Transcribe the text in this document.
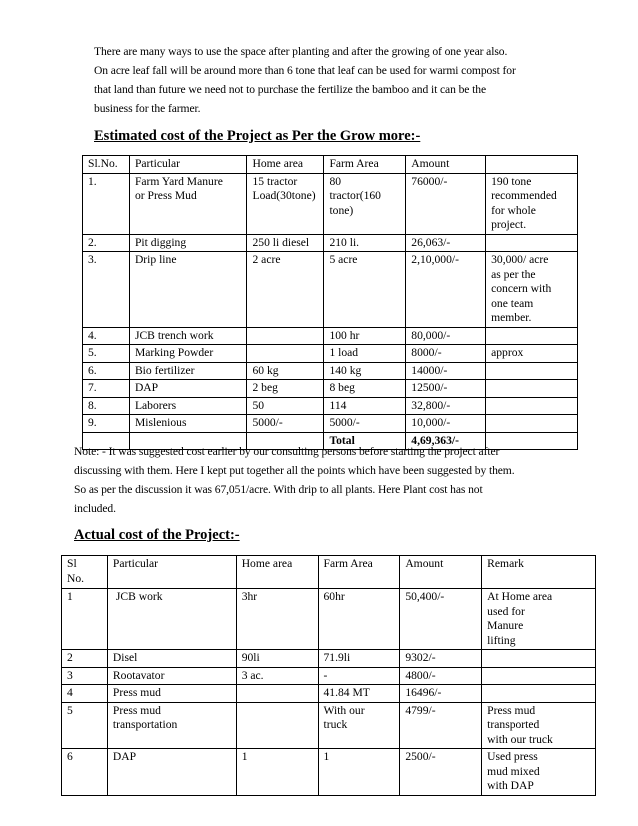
There are many ways to use the space after planting and after the growing of one year also.
On acre leaf fall will be around more than 6 tone that leaf can be used for warmi compost for
that land than future we need not to purchase the fertilize the bamboo and it can be the
business for the farmer.
Estimated cost of the Project as Per the Grow more:-
Sl.No.	Particular	Home area	Farm Area	Amount	
1.	Farm Yard Manure
or Press Mud	15 tractor
Load(30tone)	80
tractor(160
tone)	76000/-	190 tone
recommended
for whole
project.
2.	Pit digging	250 li diesel	210 li.	26,063/-	
3.	Drip line	2 acre	5 acre	2,10,000/-	30,000/ acre
as per the
concern with
one team
member.
4.	JCB trench work		100 hr	80,000/-	
5.	Marking Powder		1 load	8000/-	approx
6.	Bio fertilizer	60 kg	140 kg	14000/-	
7.	DAP	2 beg	8 beg	12500/-	
8.	Laborers	50	114	32,800/-	
9.	Mislenious	5000/-	5000/-	10,000/-	
			Total	4,69,363/-	
Note: - It was suggested cost earlier by our consulting persons before starting the project after
discussing with them. Here I kept put together all the points which have been suggested by them.
So as per the discussion it was 67,051/acre. With drip to all plants. Here Plant cost has not
included.
Actual cost of the Project:-
Sl
No.	Particular	Home area	Farm Area	Amount	Remark
1	JCB work	3hr	60hr	50,400/-	At Home area
used for
Manure
lifting
2	Disel	90li	71.9li	9302/-	
3	Rootavator	3 ac.	-	4800/-	
4	Press mud		41.84 MT	16496/-	
5	Press mud
transportation		With our
truck	4799/-	Press mud
transported
with our truck
6	DAP	1	1	2500/-	Used press
mud mixed
with DAP
